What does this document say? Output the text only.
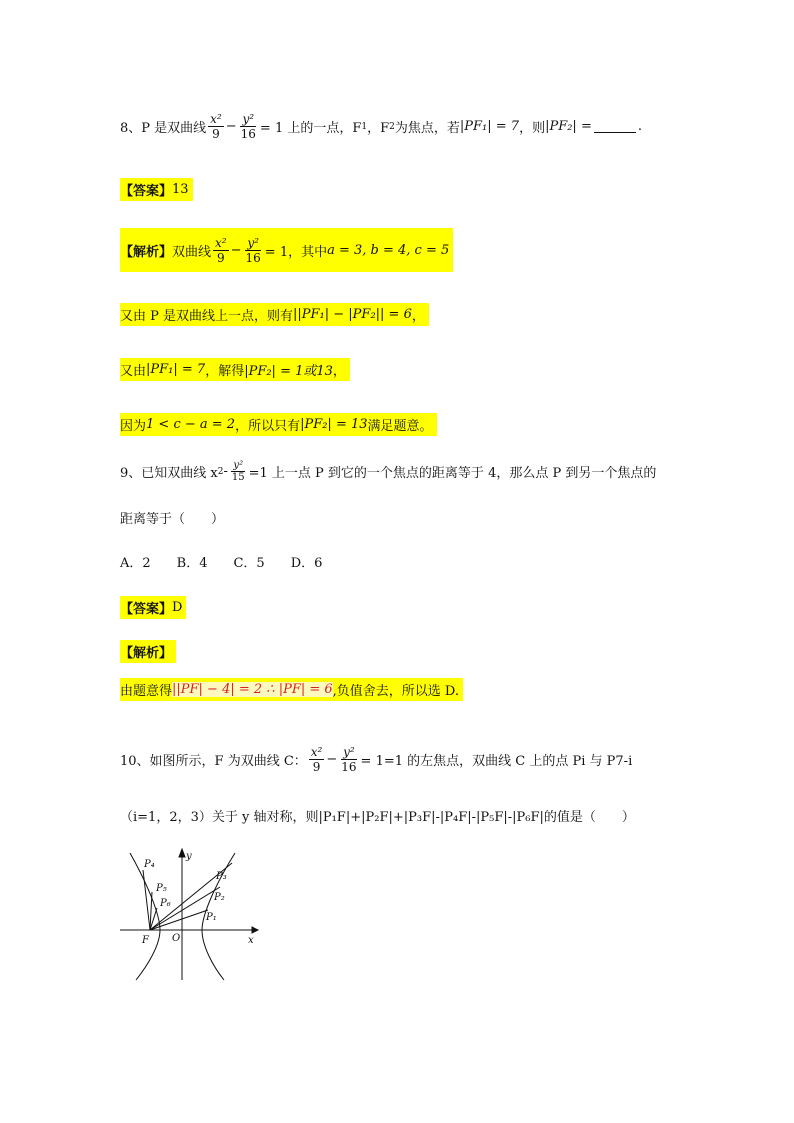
8、P 是双曲线 $\frac{\text{x²}}{9} - \frac{\text{y²}}{16} = 1$ 上的一点，F 1 ，F 2 为焦点，若 |PF₁| = 7 ，则 |PF₂| =	.
【答案】 13
【解析】 双曲线 $\frac{\text{x²}}{9} - \frac{\text{y²}}{16} = 1$，其中 a = 3, b = 4, c = 5
又由 P 是双曲线上一点，则有 ||PF₁| − |PF₂|| = 6 ，
又由 |PF₁| = 7 ，解得 |PF₂| = 1或13 ，
因为 1 < c − a = 2 ，所以只有 |PF₂| = 13 满足题意。
9、已知双曲线 x $2 - \frac{\text{y²}}{15} =1$ 上一点 P 到它的一个焦点的距离等于 4，那么点 P 到另一个焦点的
距离等于（　　）
A．2　　B．4　　C．5　　D．6
【答案】 D
【解析】
由题意得 ||PF| − 4| = 2 ∴ |PF| = 6 ,负值舍去，所以选 D.
10、如图所示，F 为双曲线 C： $\frac{\text{x²}}{9} - \frac{\text{y²}}{16} = 1=1$ 的左焦点，双曲线 C 上的点 Pi 与 P7-i
（i=1，2，3）关于 y 轴对称，则|P₁F|+|P₂F|+|P₃F|-|P₄F|-|P₅F|-|P₆F|的值是（　　）
P₃
P₂
P₁
P₄
P₅
P₆
F O	x
y
